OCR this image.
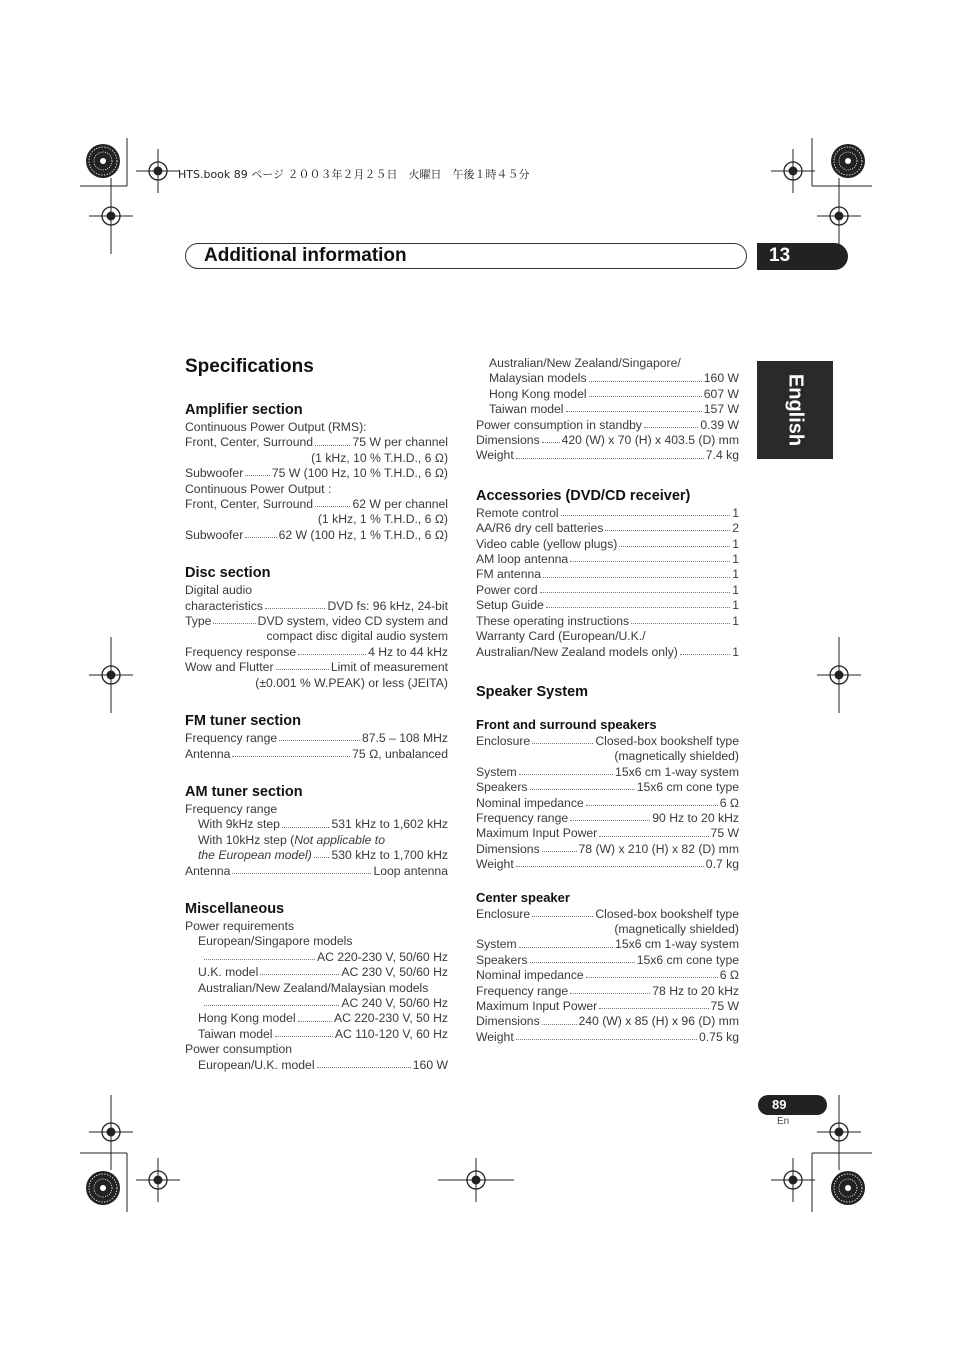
HTS.book 89 ページ ２００３年２月２５日　火曜日　午後１時４５分
Additional information	13
English
Specifications
Amplifier section
Continuous Power Output (RMS):
Front, Center, Surround	75 W per channel
(1 kHz, 10 % T.H.D., 6 Ω)
Subwoofer 75 W (100 Hz, 10 % T.H.D., 6 Ω)
Continuous Power Output :
Front, Center, Surround	62 W per channel
(1 kHz, 1 % T.H.D., 6 Ω)
Subwoofer	62 W (100 Hz, 1 % T.H.D., 6 Ω)
Disc section
Digital audio
characteristics	DVD fs: 96 kHz, 24-bit
Type	DVD system, video CD system and
compact disc digital audio system
Frequency response	4 Hz to 44 kHz
Wow and Flutter	Limit of measurement
(±0.001 % W.PEAK) or less (JEITA)
FM tuner section
Frequency range	87.5 – 108 MHz
Antenna	75 Ω, unbalanced
AM tuner section
Frequency range
With 9kHz step	531 kHz to 1,602 kHz
With 10kHz step (Not applicable to
the European model) 530 kHz to 1,700 kHz
Antenna	Loop antenna
Miscellaneous
Power requirements
European/Singapore models
AC 220-230 V, 50/60 Hz
U.K. model	AC 230 V, 50/60 Hz
Australian/New Zealand/Malaysian models
AC 240 V, 50/60 Hz
Hong Kong model	AC 220-230 V, 50 Hz
Taiwan model	AC 110-120 V, 60 Hz
Power consumption
European/U.K. model	160 W
Australian/New Zealand/Singapore/
Malaysian models	160 W
Hong Kong model	607 W
Taiwan model	157 W
Power consumption in standby	0.39 W
Dimensions 420 (W) x 70 (H) x 403.5 (D) mm
Weight	7.4 kg
Accessories (DVD/CD receiver)
Remote control	1
AA/R6 dry cell batteries	2
Video cable (yellow plugs)	1
AM loop antenna	1
FM antenna	1
Power cord	1
Setup Guide	1
These operating instructions	1
Warranty Card (European/U.K./
Australian/New Zealand models only)	1
Speaker System
Front and surround speakers
Enclosure	Closed-box bookshelf type
(magnetically shielded)
System	15x6 cm 1-way system
Speakers	15x6 cm cone type
Nominal impedance	6 Ω
Frequency range	90 Hz to 20 kHz
Maximum Input Power	75 W
Dimensions	78 (W) x 210 (H) x 82 (D) mm
Weight	0.7 kg
Center speaker
Enclosure	Closed-box bookshelf type
(magnetically shielded)
System	15x6 cm 1-way system
Speakers	15x6 cm cone type
Nominal impedance	6 Ω
Frequency range	78 Hz to 20 kHz
Maximum Input Power	75 W
Dimensions	240 (W) x 85 (H) x 96 (D) mm
Weight	0.75 kg
89
En
